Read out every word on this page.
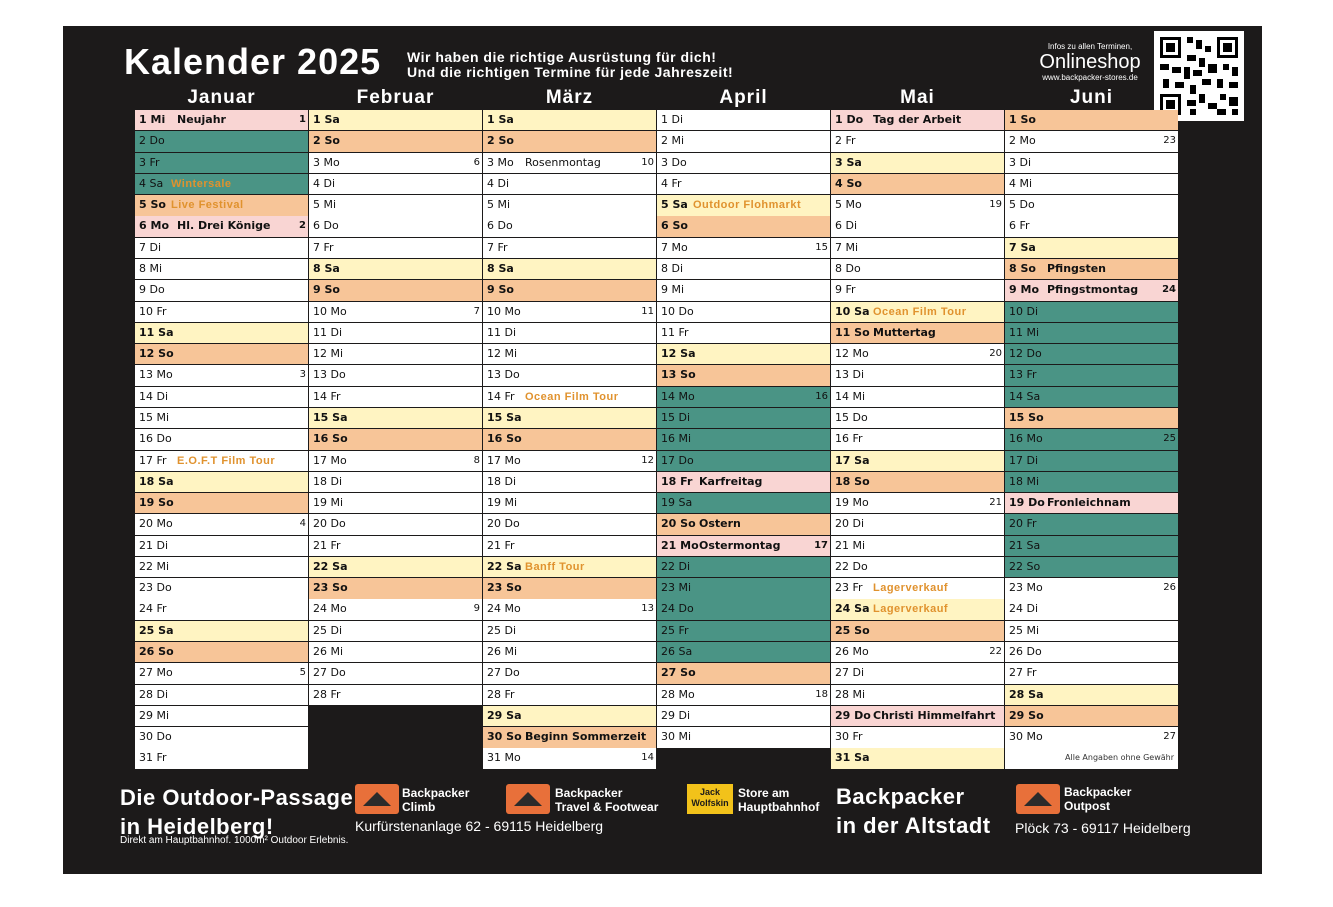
Kalender 2025 Wir haben die richtige Ausrüstung für dich!
Und die richtigen Termine für jede Jahreszeit!
Infos zu allen Terminen,
Onlineshop
www.backpacker-stores.de
Januar
1 Mi Neujahr	1
2 Do
3 Fr
4 Sa Wintersale
5 So Live Festival
6 Mo Hl. Drei Könige	2
7 Di
8 Mi
9 Do
10 Fr
11 Sa
12 So
13 Mo	3
14 Di
15 Mi
16 Do
17 Fr E.O.F.T Film Tour
18 Sa
19 So
20 Mo	4
21 Di
22 Mi
23 Do
24 Fr
25 Sa
26 So
27 Mo	5
28 Di
29 Mi
30 Do
31 Fr
Februar
1 Sa
2 So
3 Mo	6
4 Di
5 Mi
6 Do
7 Fr
8 Sa
9 So
10 Mo	7
11 Di
12 Mi
13 Do
14 Fr
15 Sa
16 So
17 Mo	8
18 Di
19 Mi
20 Do
21 Fr
22 Sa
23 So
24 Mo	9
25 Di
26 Mi
27 Do
28 Fr
März
1 Sa
2 So
3 Mo Rosenmontag	10
4 Di
5 Mi
6 Do
7 Fr
8 Sa
9 So
10 Mo	11
11 Di
12 Mi
13 Do
14 Fr Ocean Film Tour
15 Sa
16 So
17 Mo	12
18 Di
19 Mi
20 Do
21 Fr
22 Sa Banff Tour
23 So
24 Mo	13
25 Di
26 Mi
27 Do
28 Fr
29 Sa
30 So Beginn Sommerzeit
31 Mo	14
April
1 Di
2 Mi
3 Do
4 Fr
5 Sa Outdoor Flohmarkt
6 So
7 Mo	15
8 Di
9 Mi
10 Do
11 Fr
12 Sa
13 So
14 Mo	16
15 Di
16 Mi
17 Do
18 Fr Karfreitag
19 Sa
20 So Ostern
21 Mo Ostermontag	17
22 Di
23 Mi
24 Do
25 Fr
26 Sa
27 So
28 Mo	18
29 Di
30 Mi
Mai
1 Do Tag der Arbeit
2 Fr
3 Sa
4 So
5 Mo	19
6 Di
7 Mi
8 Do
9 Fr
10 Sa Ocean Film Tour
11 So Muttertag
12 Mo	20
13 Di
14 Mi
15 Do
16 Fr
17 Sa
18 So
19 Mo	21
20 Di
21 Mi
22 Do
23 Fr Lagerverkauf
24 Sa Lagerverkauf
25 So
26 Mo	22
27 Di
28 Mi
29 Do Christi Himmelfahrt
30 Fr
31 Sa
Juni
1 So
2 Mo	23
3 Di
4 Mi
5 Do
6 Fr
7 Sa
8 So Pfingsten
9 Mo Pfingstmontag 24
10 Di
11 Mi
12 Do
13 Fr
14 Sa
15 So
16 Mo	25
17 Di
18 Mi
19 Do Fronleichnam
20 Fr
21 Sa
22 So
23 Mo	26
24 Di
25 Mi
26 Do
27 Fr
28 Sa
29 So
30 Mo	27
Alle Angaben ohne Gewähr
Die Outdoor-Passage
in Heidelberg!
Direkt am Hauptbahnhof. 1000m² Outdoor Erlebnis.
Backpacker
Climb
Backpacker
Travel & Footwear
Jack
Wolfskin
Store am
Hauptbahnhof
Kurfürstenanlage 62 - 69115 Heidelberg
Backpacker
in der Altstadt
Backpacker
Outpost
Plöck 73 - 69117 Heidelberg
